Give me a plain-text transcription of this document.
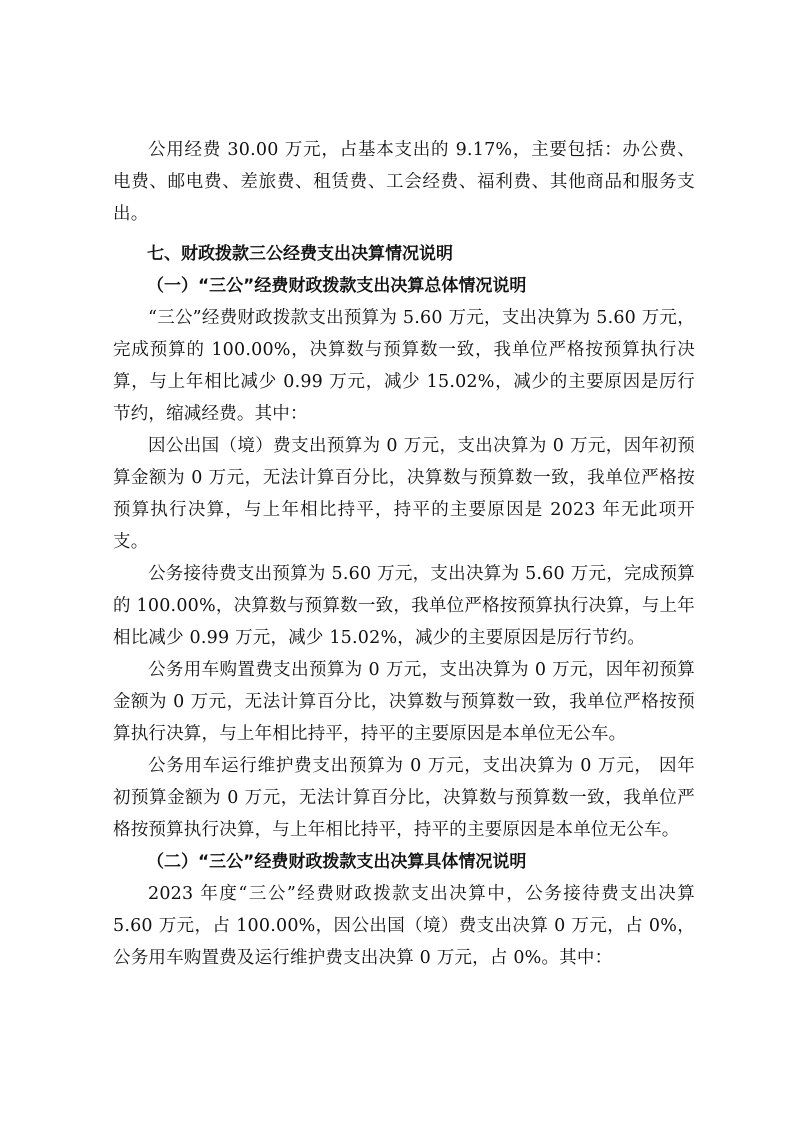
公用经费 30.00 万元，占基本支出的 9.17%，主要包括：办公费、电费、邮电费、差旅费、租赁费、工会经费、福利费、其他商品和服务支出。

七、财政拨款三公经费支出决算情况说明

（一）“三公”经费财政拨款支出决算总体情况说明

“三公”经费财政拨款支出预算为 5.60 万元，支出决算为 5.60 万元，完成预算的 100.00%，决算数与预算数一致，我单位严格按预算执行决算，与上年相比减少 0.99 万元，减少 15.02%，减少的主要原因是厉行节约，缩减经费。其中：

因公出国（境）费支出预算为 0 万元，支出决算为 0 万元，因年初预算金额为 0 万元，无法计算百分比，决算数与预算数一致，我单位严格按预算执行决算，与上年相比持平，持平的主要原因是 2023 年无此项开支。

公务接待费支出预算为 5.60 万元，支出决算为 5.60 万元，完成预算的 100.00%，决算数与预算数一致，我单位严格按预算执行决算，与上年相比减少 0.99 万元，减少 15.02%，减少的主要原因是厉行节约。

公务用车购置费支出预算为 0 万元，支出决算为 0 万元，因年初预算金额为 0 万元，无法计算百分比，决算数与预算数一致，我单位严格按预算执行决算，与上年相比持平，持平的主要原因是本单位无公车。

公务用车运行维护费支出预算为 0 万元，支出决算为 0 万元， 因年初预算金额为 0 万元，无法计算百分比，决算数与预算数一致，我单位严格按预算执行决算，与上年相比持平，持平的主要原因是本单位无公车。

（二）“三公”经费财政拨款支出决算具体情况说明

2023 年度“三公”经费财政拨款支出决算中，公务接待费支出决算 5.60 万元，占 100.00%，因公出国（境）费支出决算 0 万元，占 0%，公务用车购置费及运行维护费支出决算 0 万元，占 0%。其中：
